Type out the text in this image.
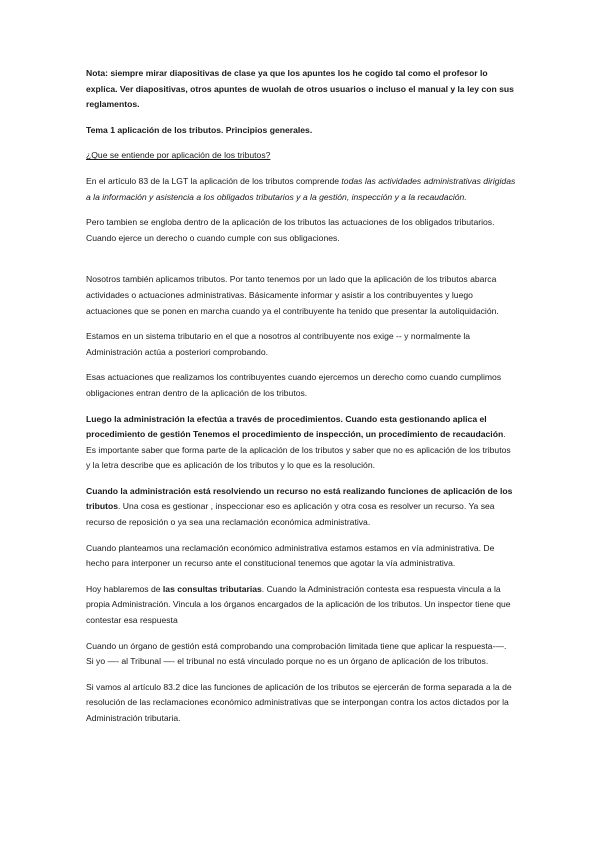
Nota: siempre mirar diapositivas de clase ya que los apuntes los he cogido tal como el profesor lo explica. Ver diapositivas, otros apuntes de wuolah de otros usuarios o incluso el manual y la ley con sus reglamentos.

Tema 1 aplicación de los tributos. Principios generales.

¿Que se entiende por aplicación de los tributos?

En el artículo 83 de la LGT la aplicación de los tributos comprende todas las actividades administrativas dirigidas a la información y asistencia a los obligados tributarios y a la gestión, inspección y a la recaudación.

Pero tambien se engloba dentro de la aplicación de los tributos las actuaciones de los obligados tributarios. Cuando ejerce un derecho o cuando cumple con sus obligaciones.

Nosotros también aplicamos tributos. Por tanto tenemos por un lado que la aplicación de los tributos abarca actividades o actuaciones administrativas. Básicamente informar y asistir a los contribuyentes y luego actuaciones que se ponen en marcha cuando ya el contribuyente ha tenido que presentar la autoliquidación.

Estamos en un sistema tributario en el que a nosotros al contribuyente nos exige -- y normalmente la Administración actúa a posteriori comprobando.

Esas actuaciones que realizamos los contribuyentes cuando ejercemos un derecho como cuando cumplimos obligaciones entran dentro de la aplicación de los tributos.

Luego la administración la efectúa a través de procedimientos. Cuando esta gestionando aplica el procedimiento de gestión Tenemos el procedimiento de inspección, un procedimiento de recaudación. Es importante saber que forma parte de la aplicación de los tributos y saber que no es aplicación de los tributos y la letra describe que es aplicación de los tributos y lo que es la resolución.

Cuando la administración está resolviendo un recurso no está realizando funciones de aplicación de los tributos. Una cosa es gestionar , inspeccionar eso es aplicación y otra cosa es resolver un recurso. Ya sea recurso de reposición o ya sea una reclamación económica administrativa.

Cuando planteamos una reclamación económico administrativa estamos estamos en vía administrativa. De hecho para interponer un recurso ante el constitucional tenemos que agotar la vía administrativa.

Hoy hablaremos de las consultas tributarias. Cuando la Administración contesta esa respuesta vincula a la propia Administración. Vincula a los órganos encargados de la aplicación de los tributos. Un inspector tiene que contestar esa respuesta

Cuando un órgano de gestión está comprobando una comprobación limitada tiene que aplicar la respuesta-—. Si yo —- al Tribunal —- el tribunal no está vinculado porque no es un órgano de aplicación de los tributos.

Si vamos al artículo 83.2 dice las funciones de aplicación de los tributos se ejercerán de forma separada a la de resolución de las reclamaciones económico administrativas que se interpongan contra los actos dictados por la Administración tributaria.
